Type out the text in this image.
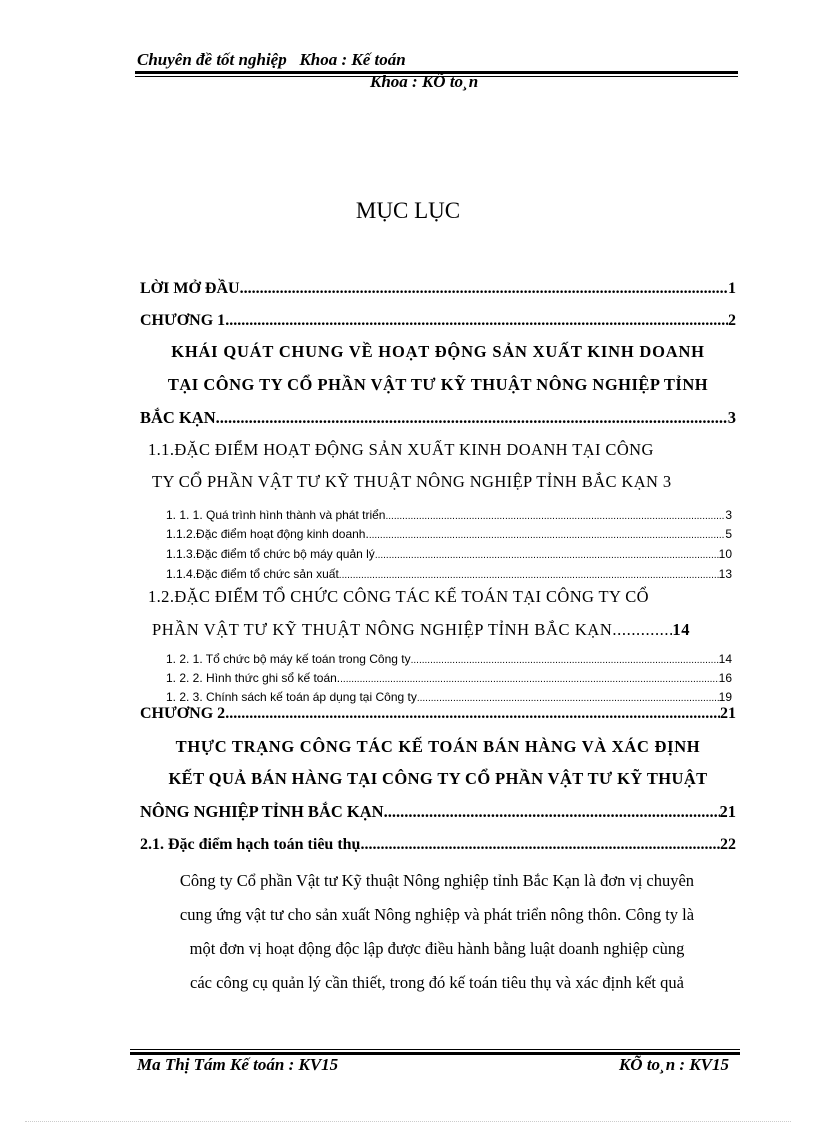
Chuyên đề tốt nghiệp   Khoa : Kế toán
Khoa : KÕ to¸n
MỤC LỤC
LỜI MỞ ĐẦU .....	1
CHƯƠNG 1 .....	2
KHÁI QUÁT CHUNG VỀ HOẠT ĐỘNG SẢN XUẤT KINH DOANH
TẠI CÔNG TY CỔ PHẦN VẬT TƯ KỸ THUẬT NÔNG NGHIỆP TỈNH
BẮC KẠN .....	3
1.1.ĐẶC ĐIỂM HOẠT ĐỘNG SẢN XUẤT KINH DOANH TẠI CÔNG
TY CỔ PHẦN VẬT TƯ KỸ THUẬT NÔNG NGHIỆP TỈNH BẮC KẠN 3
1. 1. 1. Quá trình hình thành và phát triển .....	3
1.1.2.Đặc điểm hoạt động kinh doanh. .....	5
1.1.3.Đặc điểm tổ chức bộ máy quản lý .....	10
1.1.4.Đặc điểm tổ chức sản xuất .....	13
1.2.ĐẶC ĐIỂM TỔ CHỨC CÔNG TÁC KẾ TOÁN TẠI CÔNG TY CỔ
PHẦN VẬT TƯ KỸ THUẬT NÔNG NGHIỆP TỈNH BẮC KẠN .....	14
1. 2. 1. Tổ chức bộ máy kế toán trong Công ty .....	14
1. 2. 2. Hình thức ghi sổ kế toán. .....	16
1. 2. 3. Chính sách kế toán áp dụng tại Công ty .....	19
CHƯƠNG 2 .....	21
THỰC TRẠNG CÔNG TÁC KẾ TOÁN BÁN HÀNG VÀ XÁC ĐỊNH
KẾT QUẢ BÁN HÀNG TẠI CÔNG TY CỔ PHẦN VẬT TƯ KỸ THUẬT
NÔNG NGHIỆP TỈNH BẮC KẠN .....	21
2.1. Đặc điểm hạch toán tiêu thụ .....	22

Công ty Cổ phần Vật tư Kỹ thuật Nông nghiệp tỉnh Bắc Kạn là đơn vị chuyên

cung ứng vật tư cho sản xuất Nông nghiệp và phát triển nông thôn. Công ty là

một đơn vị hoạt động độc lập được điều hành bằng luật doanh nghiệp cùng

các công cụ quản lý cần thiết, trong đó kế toán tiêu thụ và xác định kết quả

Ma Thị Tám Kế toán : KV15	KÕ to¸n : KV15
